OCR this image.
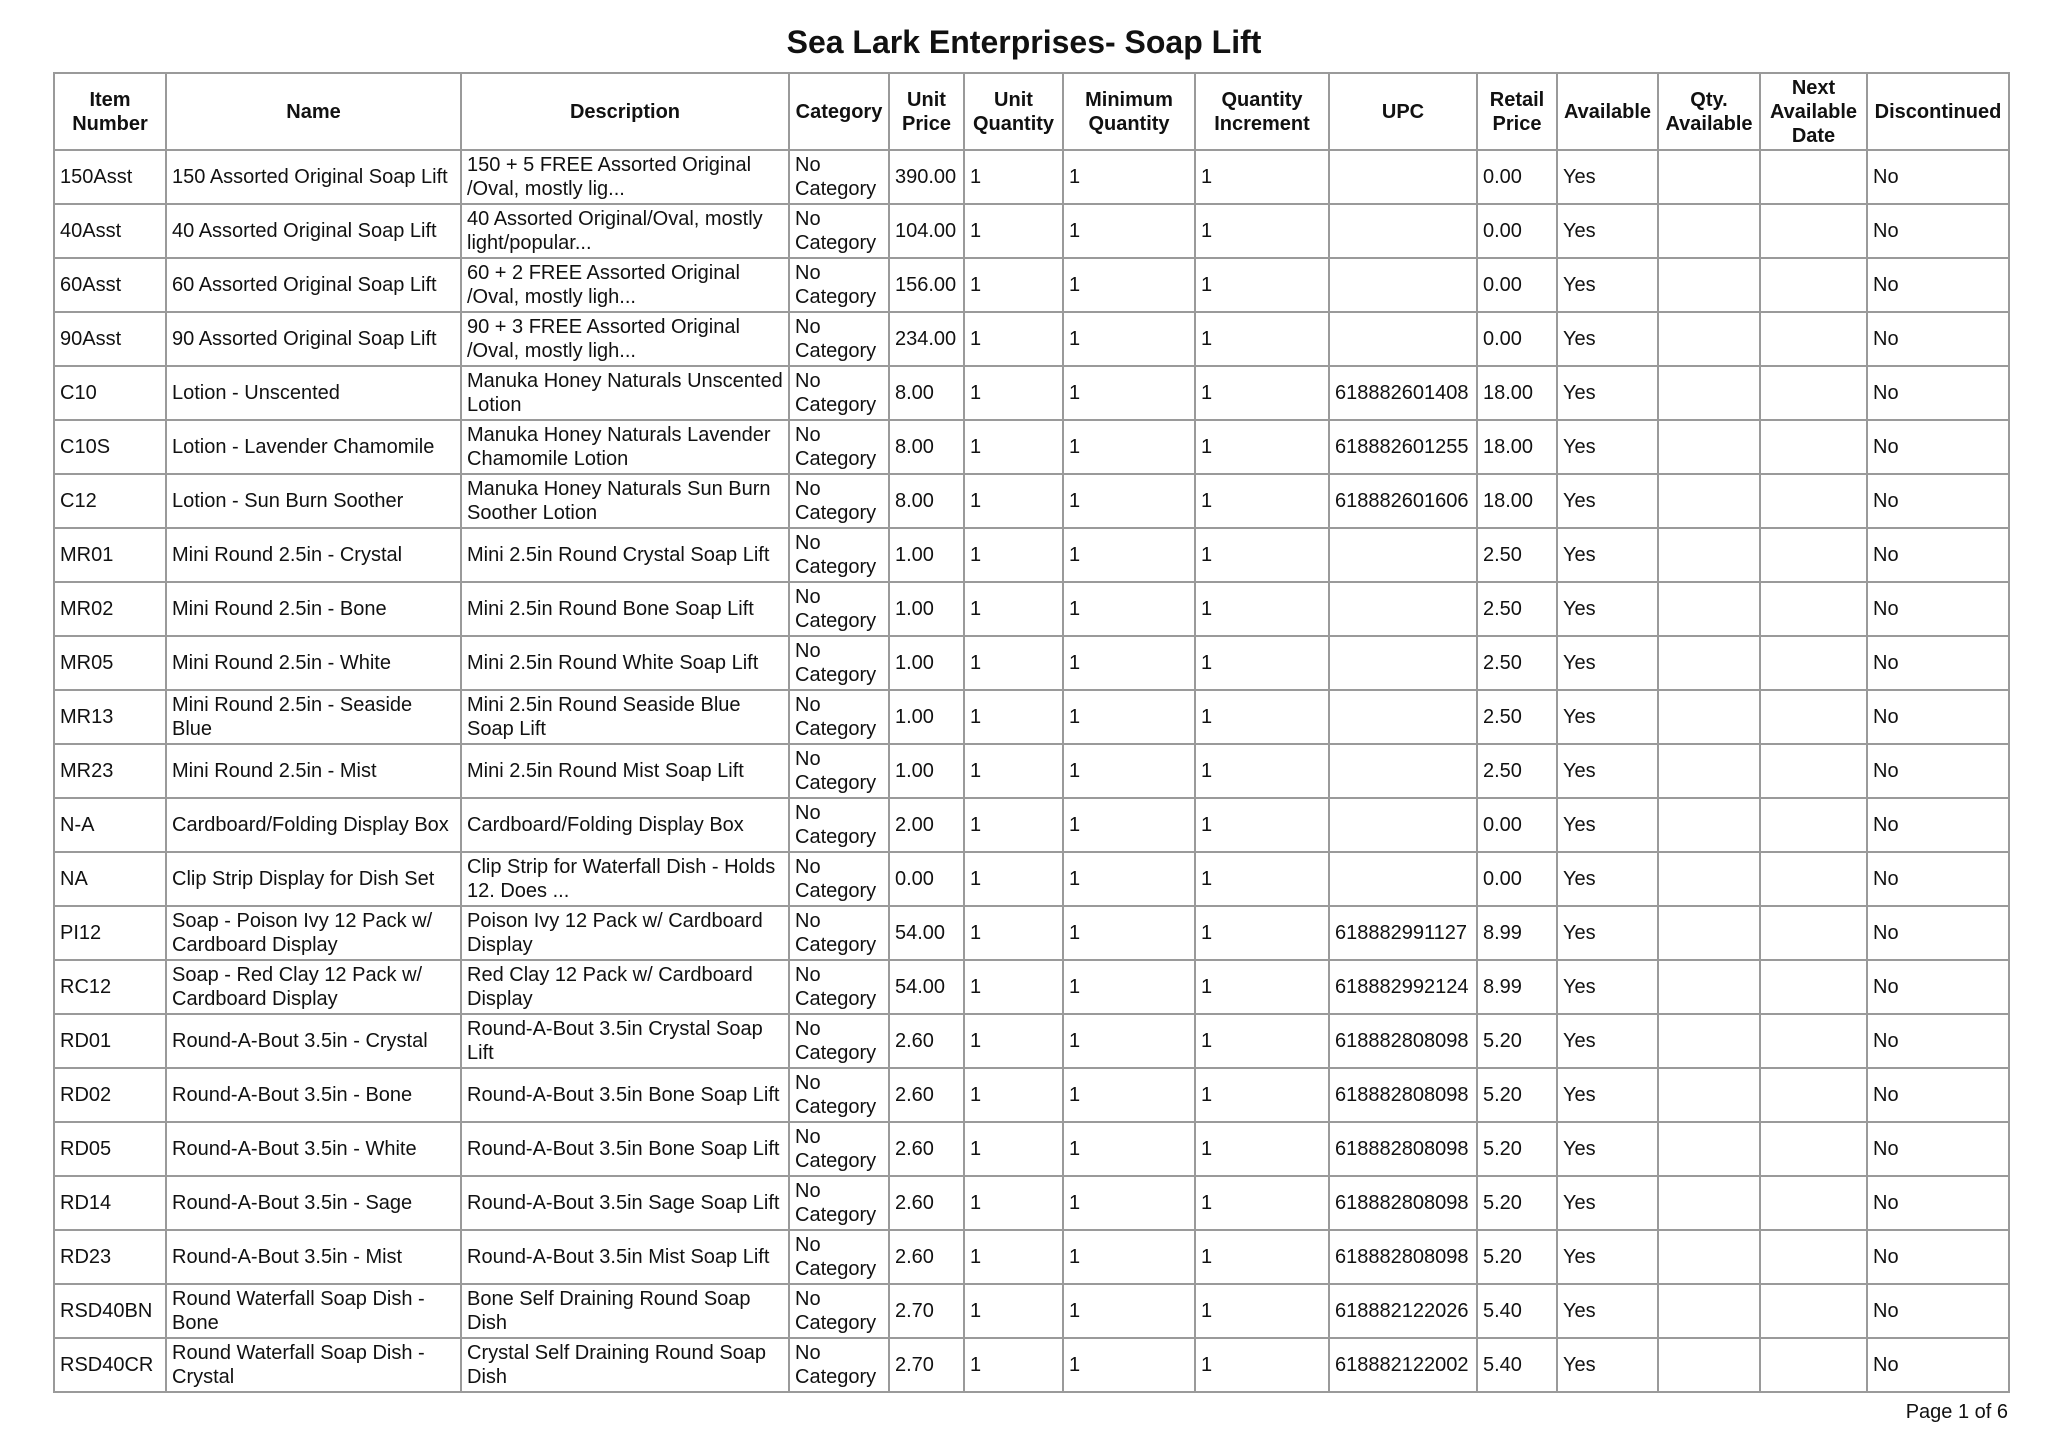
Sea Lark Enterprises- Soap Lift
Item Number	Name	Description	Category	Unit Price	Unit Quantity	Minimum Quantity	Quantity Increment	UPC	Retail Price	Available	Qty. Available	Next Available Date	Discontinued
150Asst	150 Assorted Original Soap Lift	150 + 5 FREE Assorted Original /Oval, mostly lig...	No Category	390.00	1	1	1		0.00	Yes			No
40Asst	40 Assorted Original Soap Lift	40 Assorted Original/Oval, mostly light/popular...	No Category	104.00	1	1	1		0.00	Yes			No
60Asst	60 Assorted Original Soap Lift	60 + 2 FREE Assorted Original /Oval, mostly ligh...	No Category	156.00	1	1	1		0.00	Yes			No
90Asst	90 Assorted Original Soap Lift	90 + 3 FREE Assorted Original /Oval, mostly ligh...	No Category	234.00	1	1	1		0.00	Yes			No
C10	Lotion - Unscented	Manuka Honey Naturals Unscented Lotion	No Category	8.00	1	1	1	618882601408	18.00	Yes			No
C10S	Lotion - Lavender Chamomile	Manuka Honey Naturals Lavender Chamomile Lotion	No Category	8.00	1	1	1	618882601255	18.00	Yes			No
C12	Lotion - Sun Burn Soother	Manuka Honey Naturals Sun Burn Soother Lotion	No Category	8.00	1	1	1	618882601606	18.00	Yes			No
MR01	Mini Round 2.5in - Crystal	Mini 2.5in Round Crystal Soap Lift	No Category	1.00	1	1	1		2.50	Yes			No
MR02	Mini Round 2.5in - Bone	Mini 2.5in Round Bone Soap Lift	No Category	1.00	1	1	1		2.50	Yes			No
MR05	Mini Round 2.5in - White	Mini 2.5in Round White Soap Lift	No Category	1.00	1	1	1		2.50	Yes			No
MR13	Mini Round 2.5in - Seaside Blue	Mini 2.5in Round Seaside Blue Soap Lift	No Category	1.00	1	1	1		2.50	Yes			No
MR23	Mini Round 2.5in - Mist	Mini 2.5in Round Mist Soap Lift	No Category	1.00	1	1	1		2.50	Yes			No
N-A	Cardboard/Folding Display Box	Cardboard/Folding Display Box	No Category	2.00	1	1	1		0.00	Yes			No
NA	Clip Strip Display for Dish Set	Clip Strip for Waterfall Dish - Holds 12. Does ...	No Category	0.00	1	1	1		0.00	Yes			No
PI12	Soap - Poison Ivy 12 Pack w/ Cardboard Display	Poison Ivy 12 Pack w/ Cardboard Display	No Category	54.00	1	1	1	618882991127	8.99	Yes			No
RC12	Soap - Red Clay 12 Pack w/ Cardboard Display	Red Clay 12 Pack w/ Cardboard Display	No Category	54.00	1	1	1	618882992124	8.99	Yes			No
RD01	Round-A-Bout 3.5in - Crystal	Round-A-Bout 3.5in Crystal Soap Lift	No Category	2.60	1	1	1	618882808098	5.20	Yes			No
RD02	Round-A-Bout 3.5in - Bone	Round-A-Bout 3.5in Bone Soap Lift	No Category	2.60	1	1	1	618882808098	5.20	Yes			No
RD05	Round-A-Bout 3.5in - White	Round-A-Bout 3.5in Bone Soap Lift	No Category	2.60	1	1	1	618882808098	5.20	Yes			No
RD14	Round-A-Bout 3.5in - Sage	Round-A-Bout 3.5in Sage Soap Lift	No Category	2.60	1	1	1	618882808098	5.20	Yes			No
RD23	Round-A-Bout 3.5in - Mist	Round-A-Bout 3.5in Mist Soap Lift	No Category	2.60	1	1	1	618882808098	5.20	Yes			No
RSD40BN	Round Waterfall Soap Dish - Bone	Bone Self Draining Round Soap Dish	No Category	2.70	1	1	1	618882122026	5.40	Yes			No
RSD40CR	Round Waterfall Soap Dish - Crystal	Crystal Self Draining Round Soap Dish	No Category	2.70	1	1	1	618882122002	5.40	Yes			No
Page 1 of 6
